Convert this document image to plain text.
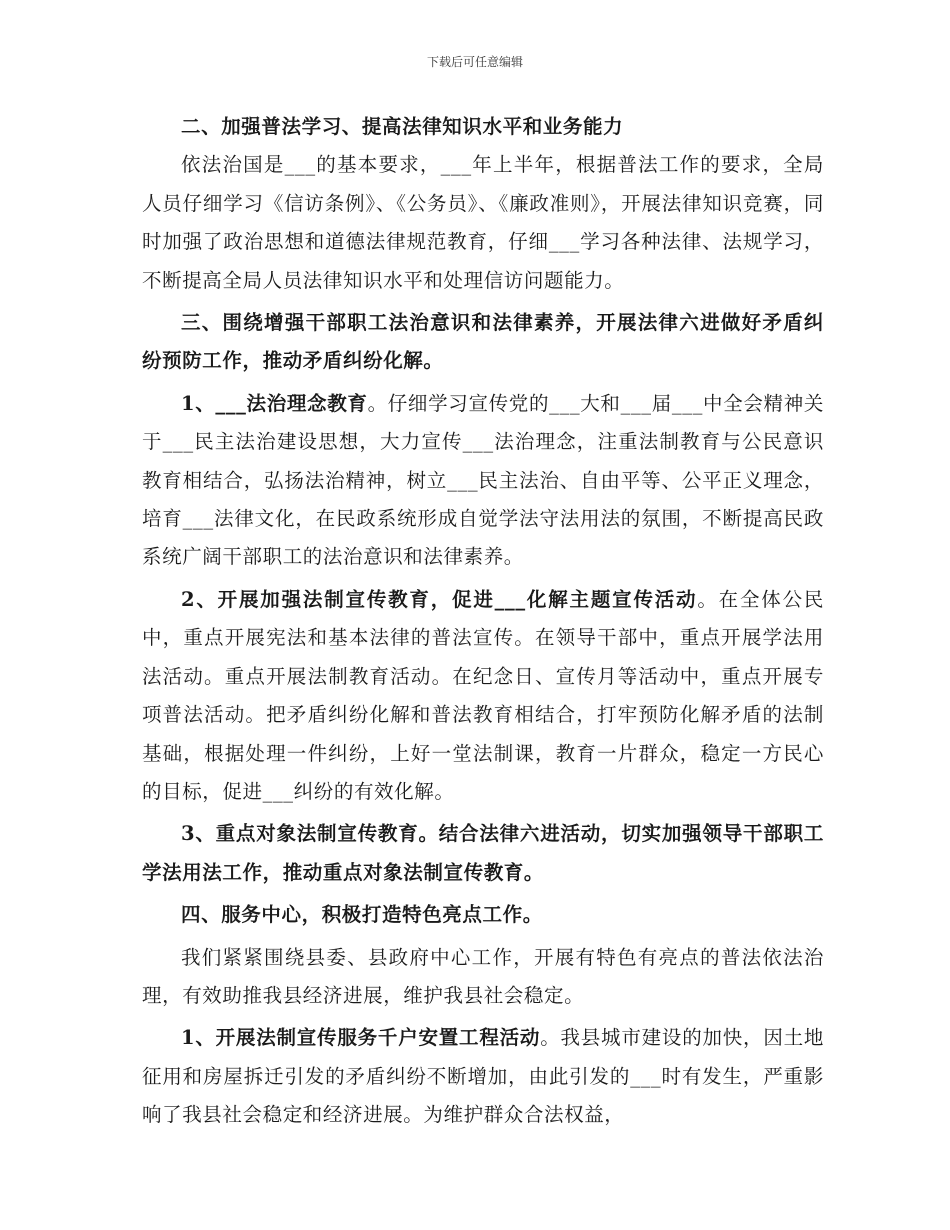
下载后可任意编辑

二、加强普法学习、提高法律知识水平和业务能力

依法治国是___的基本要求，___年上半年，根据普法工作的要求，全局人员仔细学习《信访条例》、《公务员》、《廉政准则》，开展法律知识竞赛，同时加强了政治思想和道德法律规范教育，仔细___学习各种法律、法规学习，不断提高全局人员法律知识水平和处理信访问题能力。

三、围绕增强干部职工法治意识和法律素养，开展法律六进做好矛盾纠纷预防工作，推动矛盾纠纷化解。

1、___法治理念教育。仔细学习宣传党的___大和___届___中全会精神关于___民主法治建设思想，大力宣传___法治理念，注重法制教育与公民意识教育相结合，弘扬法治精神，树立___民主法治、自由平等、公平正义理念，培育___法律文化，在民政系统形成自觉学法守法用法的氛围，不断提高民政系统广阔干部职工的法治意识和法律素养。

2、开展加强法制宣传教育，促进___化解主题宣传活动。在全体公民中，重点开展宪法和基本法律的普法宣传。在领导干部中，重点开展学法用法活动。重点开展法制教育活动。在纪念日、宣传月等活动中，重点开展专项普法活动。把矛盾纠纷化解和普法教育相结合，打牢预防化解矛盾的法制基础，根据处理一件纠纷，上好一堂法制课，教育一片群众，稳定一方民心的目标，促进___纠纷的有效化解。

3、重点对象法制宣传教育。结合法律六进活动，切实加强领导干部职工学法用法工作，推动重点对象法制宣传教育。

四、服务中心，积极打造特色亮点工作。

我们紧紧围绕县委、县政府中心工作，开展有特色有亮点的普法依法治理，有效助推我县经济进展，维护我县社会稳定。

1、开展法制宣传服务千户安置工程活动。我县城市建设的加快，因土地征用和房屋拆迁引发的矛盾纠纷不断增加，由此引发的___时有发生，严重影响了我县社会稳定和经济进展。为维护群众合法权益，
